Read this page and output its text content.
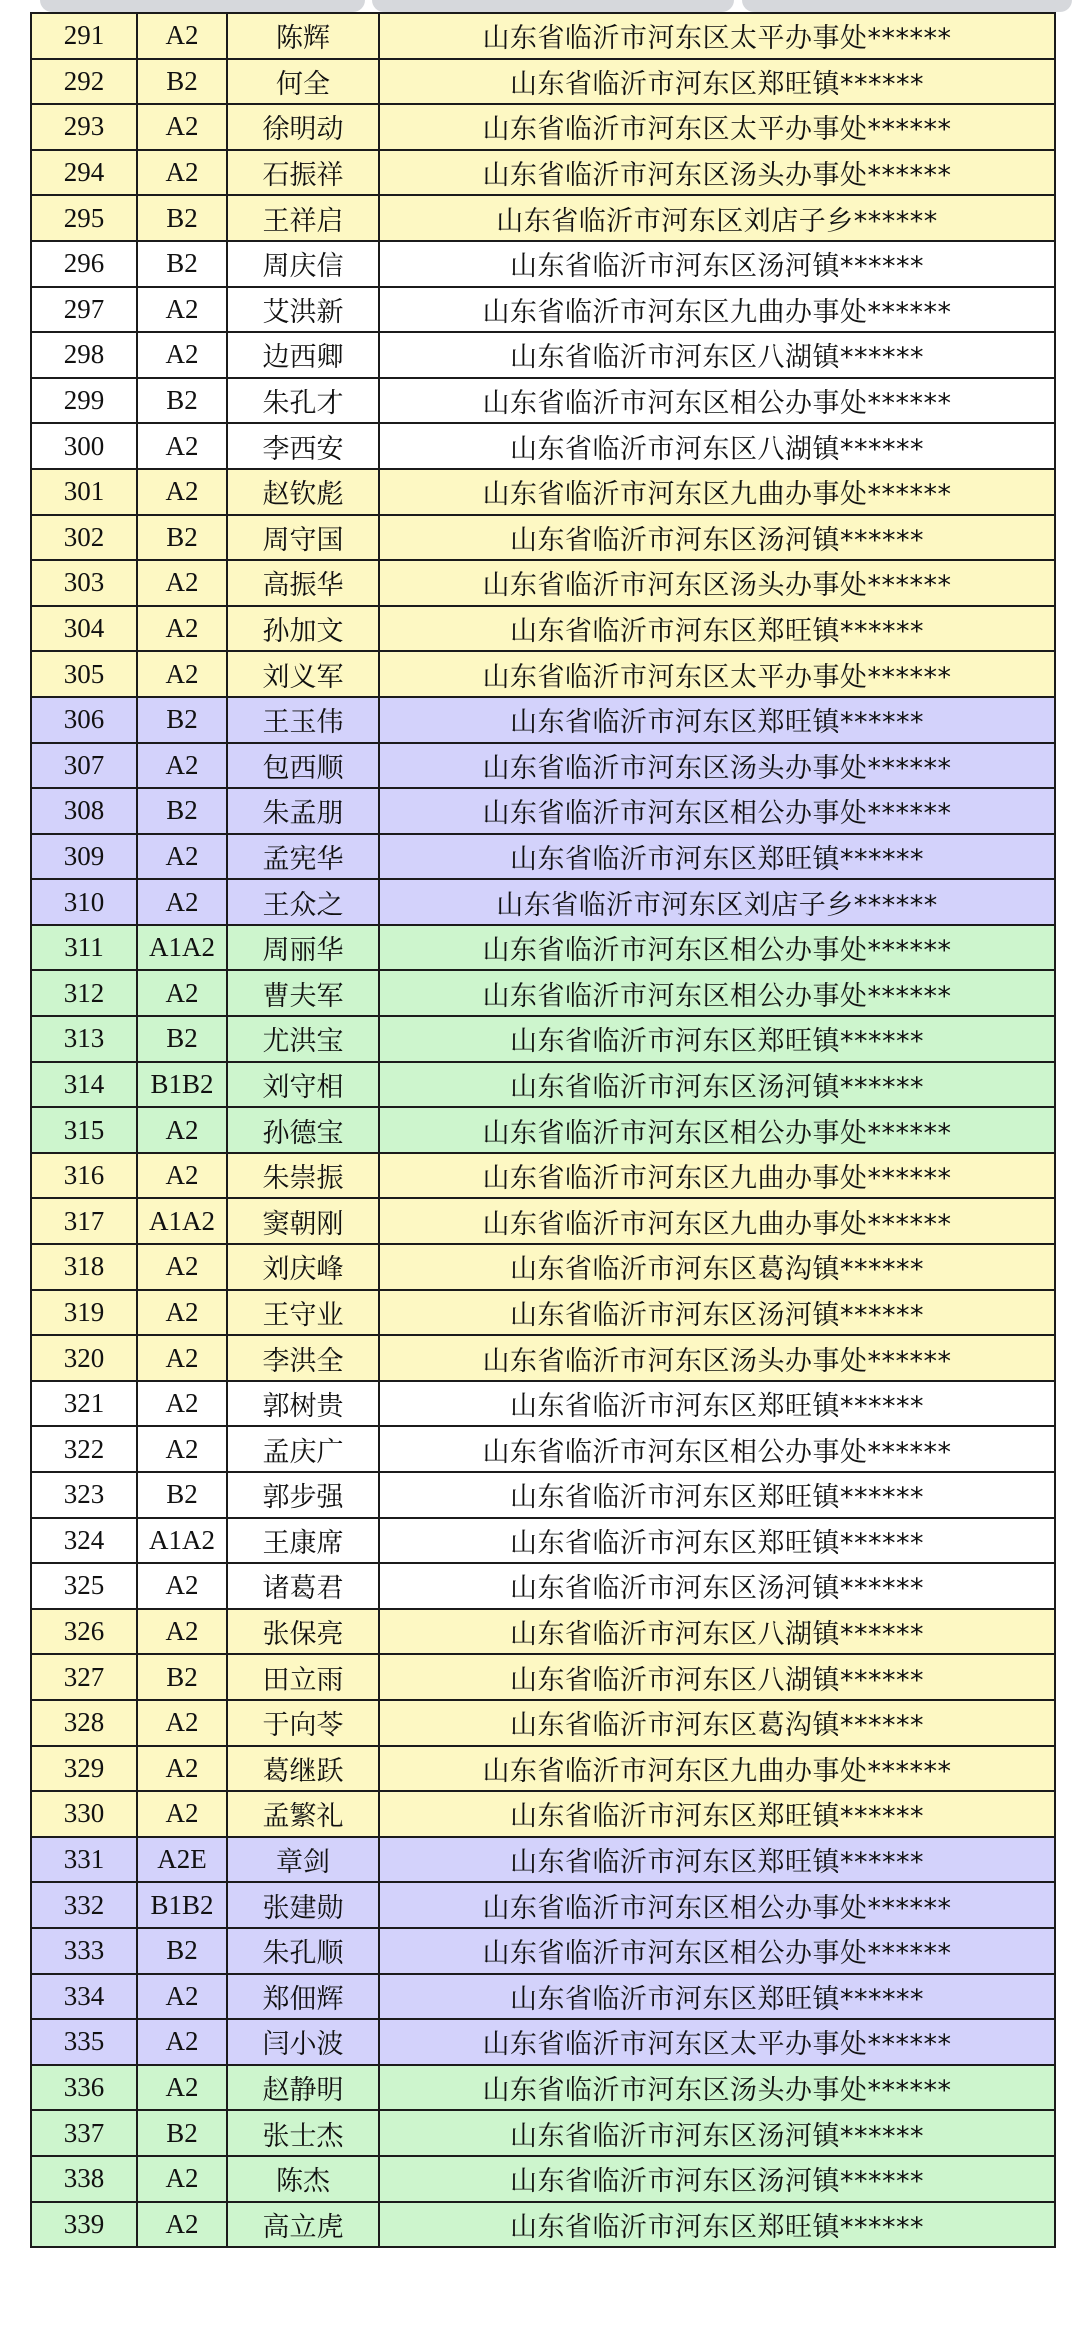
291	A2	陈辉	山东省临沂市河东区太平办事处******
292	B2	何全	山东省临沂市河东区郑旺镇******
293	A2	徐明动	山东省临沂市河东区太平办事处******
294	A2	石振祥	山东省临沂市河东区汤头办事处******
295	B2	王祥启	山东省临沂市河东区刘店子乡******
296	B2	周庆信	山东省临沂市河东区汤河镇******
297	A2	艾洪新	山东省临沂市河东区九曲办事处******
298	A2	边西卿	山东省临沂市河东区八湖镇******
299	B2	朱孔才	山东省临沂市河东区相公办事处******
300	A2	李西安	山东省临沂市河东区八湖镇******
301	A2	赵钦彪	山东省临沂市河东区九曲办事处******
302	B2	周守国	山东省临沂市河东区汤河镇******
303	A2	高振华	山东省临沂市河东区汤头办事处******
304	A2	孙加文	山东省临沂市河东区郑旺镇******
305	A2	刘义军	山东省临沂市河东区太平办事处******
306	B2	王玉伟	山东省临沂市河东区郑旺镇******
307	A2	包西顺	山东省临沂市河东区汤头办事处******
308	B2	朱孟朋	山东省临沂市河东区相公办事处******
309	A2	孟宪华	山东省临沂市河东区郑旺镇******
310	A2	王众之	山东省临沂市河东区刘店子乡******
311	A1A2	周丽华	山东省临沂市河东区相公办事处******
312	A2	曹夫军	山东省临沂市河东区相公办事处******
313	B2	尤洪宝	山东省临沂市河东区郑旺镇******
314	B1B2	刘守相	山东省临沂市河东区汤河镇******
315	A2	孙德宝	山东省临沂市河东区相公办事处******
316	A2	朱崇振	山东省临沂市河东区九曲办事处******
317	A1A2	窦朝刚	山东省临沂市河东区九曲办事处******
318	A2	刘庆峰	山东省临沂市河东区葛沟镇******
319	A2	王守业	山东省临沂市河东区汤河镇******
320	A2	李洪全	山东省临沂市河东区汤头办事处******
321	A2	郭树贵	山东省临沂市河东区郑旺镇******
322	A2	孟庆广	山东省临沂市河东区相公办事处******
323	B2	郭步强	山东省临沂市河东区郑旺镇******
324	A1A2	王康席	山东省临沂市河东区郑旺镇******
325	A2	诸葛君	山东省临沂市河东区汤河镇******
326	A2	张保亮	山东省临沂市河东区八湖镇******
327	B2	田立雨	山东省临沂市河东区八湖镇******
328	A2	于向苓	山东省临沂市河东区葛沟镇******
329	A2	葛继跃	山东省临沂市河东区九曲办事处******
330	A2	孟繁礼	山东省临沂市河东区郑旺镇******
331	A2E	章剑	山东省临沂市河东区郑旺镇******
332	B1B2	张建勋	山东省临沂市河东区相公办事处******
333	B2	朱孔顺	山东省临沂市河东区相公办事处******
334	A2	郑佃辉	山东省临沂市河东区郑旺镇******
335	A2	闫小波	山东省临沂市河东区太平办事处******
336	A2	赵静明	山东省临沂市河东区汤头办事处******
337	B2	张士杰	山东省临沂市河东区汤河镇******
338	A2	陈杰	山东省临沂市河东区汤河镇******
339	A2	高立虎	山东省临沂市河东区郑旺镇******
